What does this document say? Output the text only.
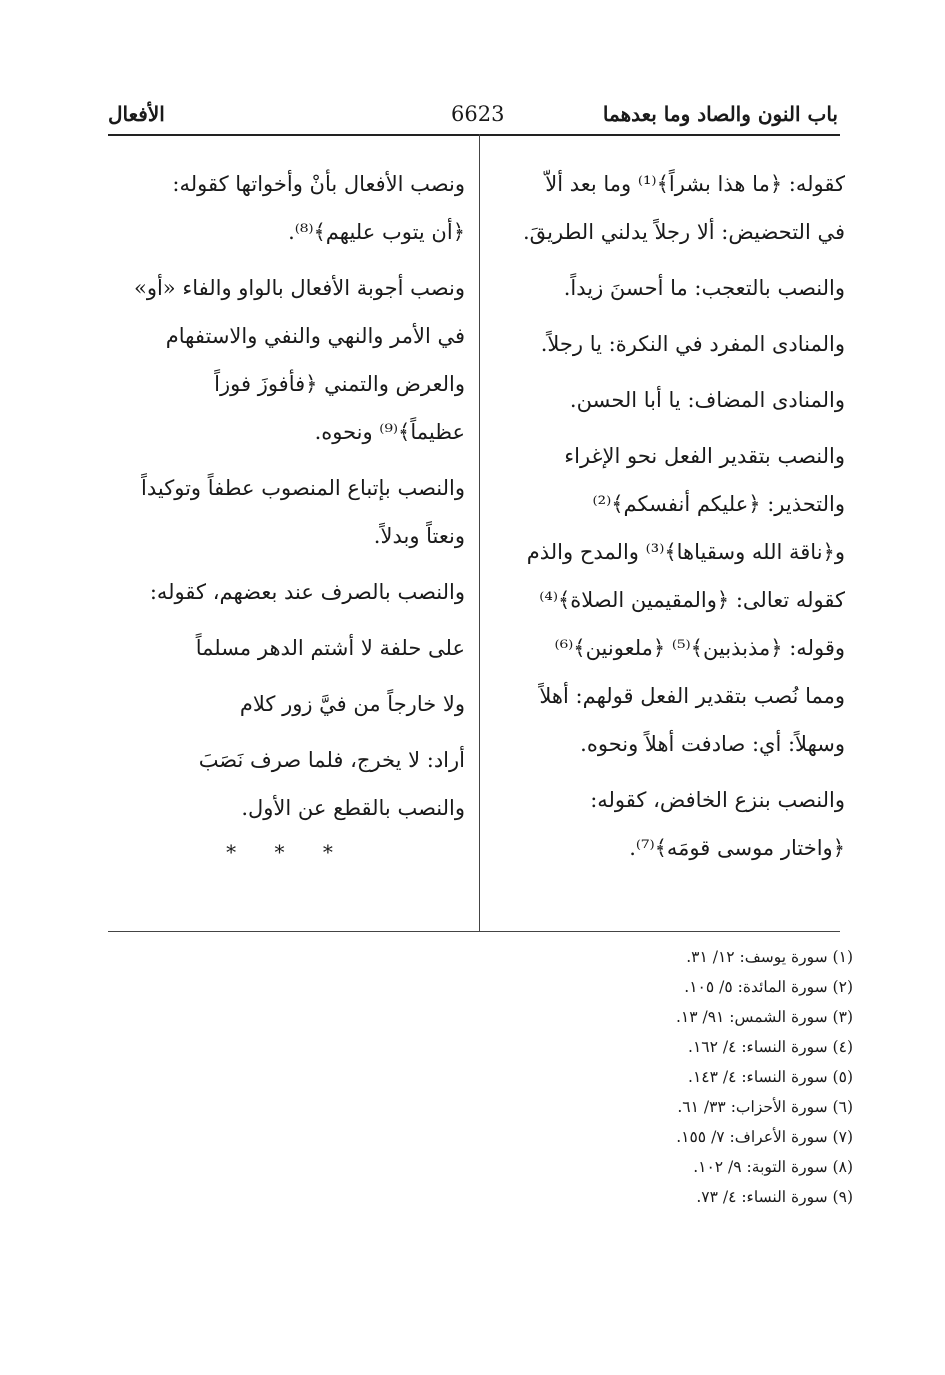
باب النون والصاد وما بعدهما
6623
الأفعال
كقوله: ﴿ما هذا بشراً﴾⁽¹⁾ وما بعد ألاّ
في التحضيض: ألا رجلاً يدلني الطريقَ.
والنصب بالتعجب: ما أحسنَ زيداً.
والمنادى المفرد في النكرة: يا رجلاً.
والمنادى المضاف: يا أبا الحسن.
والنصب بتقدير الفعل نحو الإغراء
والتحذير: ﴿عليكم أنفسكم﴾⁽²⁾
و﴿ناقة الله وسقياها﴾⁽³⁾ والمدح والذم
كقوله تعالى: ﴿والمقيمين الصلاة﴾⁽⁴⁾
وقوله: ﴿مذبذبين﴾⁽⁵⁾ ﴿ملعونين﴾⁽⁶⁾
ومما نُصب بتقدير الفعل قولهم: أهلاً
وسهلاً: أي: صادفت أهلاً ونحوه.
والنصب بنزع الخافض، كقوله:
﴿واختار موسى قومَه﴾⁽⁷⁾.
ونصب الأفعال بأنْ وأخواتها كقوله:
﴿أن يتوب عليهم﴾⁽⁸⁾.
ونصب أجوبة الأفعال بالواو والفاء «أو»
في الأمر والنهي والنفي والاستفهام
والعرض والتمني ﴿فأفوزَ فوزاً
عظيماً﴾⁽⁹⁾ ونحوه.
والنصب بإتباع المنصوب عطفاً وتوكيداً
ونعتاً وبدلاً.
والنصب بالصرف عند بعضهم، كقوله:
على حلفة لا أشتم الدهر مسلماً
ولا خارجاً من فيَّ زور كلام
أراد: لا يخرج، فلما صرف نَصَبَ
والنصب بالقطع عن الأول.
* * *
(١) سورة يوسف: ١٢/ ٣١.
(٢) سورة المائدة: ٥/ ١٠٥.
(٣) سورة الشمس: ٩١/ ١٣.
(٤) سورة النساء: ٤/ ١٦٢.
(٥) سورة النساء: ٤/ ١٤٣.
(٦) سورة الأحزاب: ٣٣/ ٦١.
(٧) سورة الأعراف: ٧/ ١٥٥.
(٨) سورة التوبة: ٩/ ١٠٢.
(٩) سورة النساء: ٤/ ٧٣.
